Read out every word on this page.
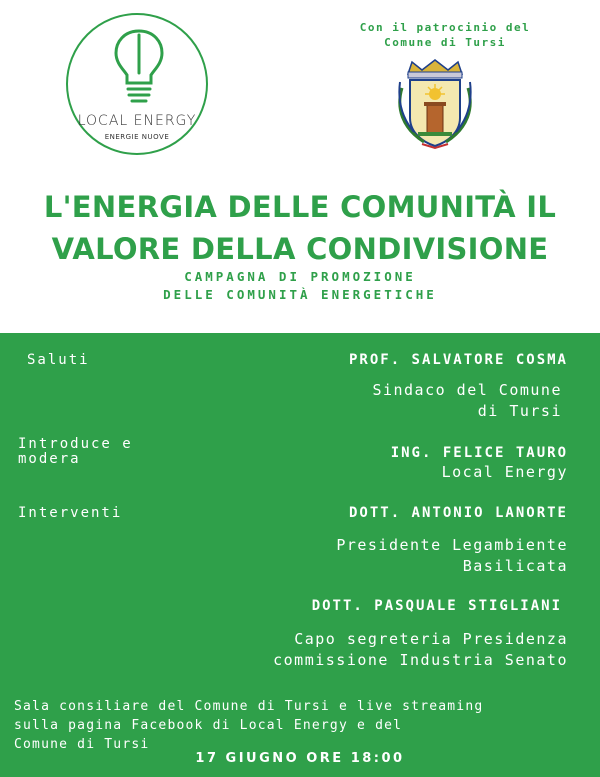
LOCAL ENERGY
ENERGIE NUOVE
Con il patrocinio del
Comune di Tursi
L'ENERGIA DELLE COMUNITÀ IL
VALORE DELLA CONDIVISIONE
CAMPAGNA DI PROMOZIONE
DELLE COMUNITÀ ENERGETICHE
Saluti	PROF. SALVATORE COSMA
Sindaco del Comune
di Tursi
Introduce e
modera	ING. FELICE TAURO
Local Energy
Interventi	DOTT. ANTONIO LANORTE
Presidente Legambiente
Basilicata
DOTT. PASQUALE STIGLIANI
Capo segreteria Presidenza
commissione Industria Senato
Sala consiliare del Comune di Tursi e live streaming
sulla pagina Facebook di Local Energy e del
Comune di Tursi
17 GIUGNO ORE 18:00
